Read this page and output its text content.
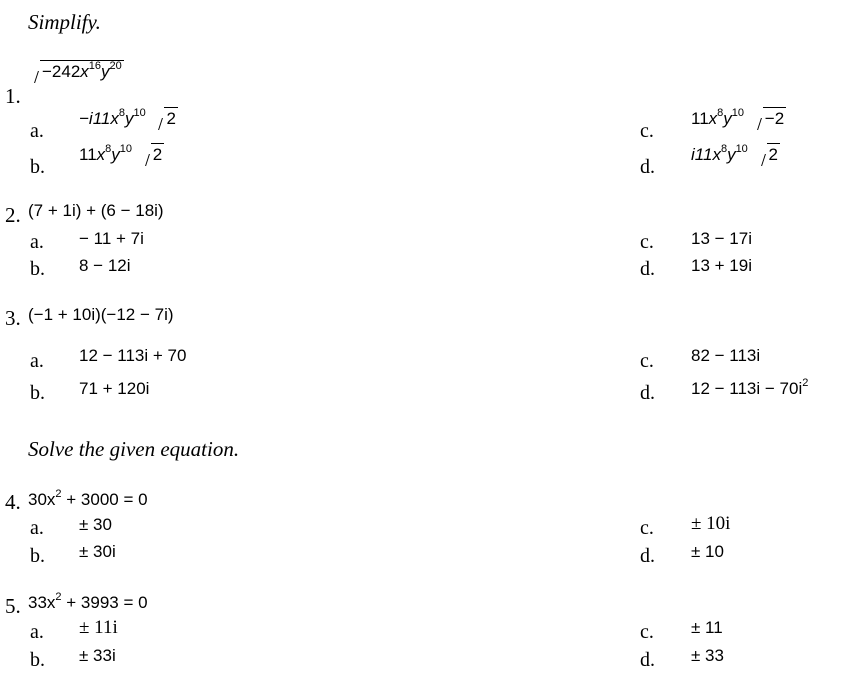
Simplify.
1.
$-242x^{16}y^{20}$
a.
$-i11x^8y^{10}$ 2
b.
$11x^8y^{10}$ 2
c.
$11x^8y^{10} -2$
d.
$i11x^8y^{10}$ 2
2. (7 + 1i) + (6 − 18i)
a. − 11 + 7i
b. 8 − 12i
c. 13 − 17i
d. 13 + 19i
3. (−1 + 10i)(−12 − 7i)
a. 12 − 113i + 70
b. 71 + 120i
c. 82 − 113i
d. $12 - 113i - 70i^2$
Solve the given equation.
4. $30x^2 + 3000 = 0$
a. ± 30
b. ± 30i
c. ± 10i
d. ± 10
5. $33x^2 + 3993 = 0$
a. ± 11i
b. ± 33i
c. ± 11
d. ± 33
